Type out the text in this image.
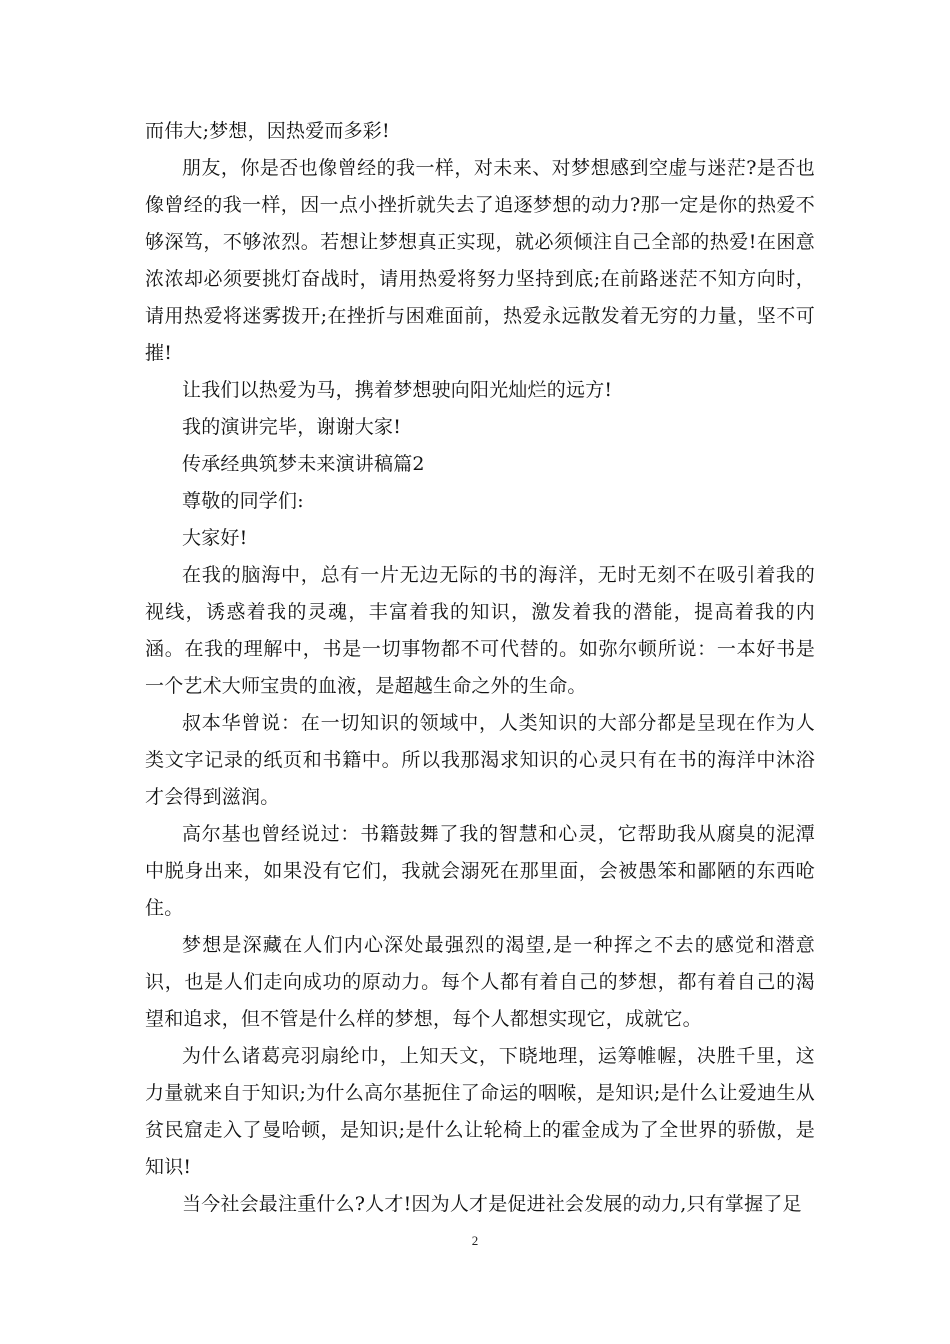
而伟大;梦想，因热爱而多彩!

朋友，你是否也像曾经的我一样，对未来、对梦想感到空虚与迷茫?是否也像曾经的我一样，因一点小挫折就失去了追逐梦想的动力?那一定是你的热爱不够深笃，不够浓烈。若想让梦想真正实现，就必须倾注自己全部的热爱!在困意浓浓却必须要挑灯奋战时，请用热爱将努力坚持到底;在前路迷茫不知方向时，请用热爱将迷雾拨开;在挫折与困难面前，热爱永远散发着无穷的力量，坚不可摧!

让我们以热爱为马，携着梦想驶向阳光灿烂的远方!

我的演讲完毕，谢谢大家!

传承经典筑梦未来演讲稿篇2

尊敬的同学们:

大家好!

在我的脑海中，总有一片无边无际的书的海洋，无时无刻不在吸引着我的视线，诱惑着我的灵魂，丰富着我的知识，激发着我的潜能，提高着我的内涵。在我的理解中，书是一切事物都不可代替的。如弥尔顿所说：一本好书是一个艺术大师宝贵的血液，是超越生命之外的生命。

叔本华曾说：在一切知识的领域中，人类知识的大部分都是呈现在作为人类文字记录的纸页和书籍中。所以我那渴求知识的心灵只有在书的海洋中沐浴才会得到滋润。

高尔基也曾经说过：书籍鼓舞了我的智慧和心灵，它帮助我从腐臭的泥潭中脱身出来，如果没有它们，我就会溺死在那里面，会被愚笨和鄙陋的东西呛住。

梦想是深藏在人们内心深处最强烈的渴望,是一种挥之不去的感觉和潜意识，也是人们走向成功的原动力。每个人都有着自己的梦想，都有着自己的渴望和追求，但不管是什么样的梦想，每个人都想实现它，成就它。

为什么诸葛亮羽扇纶巾，上知天文，下晓地理，运筹帷幄，决胜千里，这力量就来自于知识;为什么高尔基扼住了命运的咽喉，是知识;是什么让爱迪生从贫民窟走入了曼哈顿，是知识;是什么让轮椅上的霍金成为了全世界的骄傲，是知识!

当今社会最注重什么?人才!因为人才是促进社会发展的动力,只有掌握了足

2
